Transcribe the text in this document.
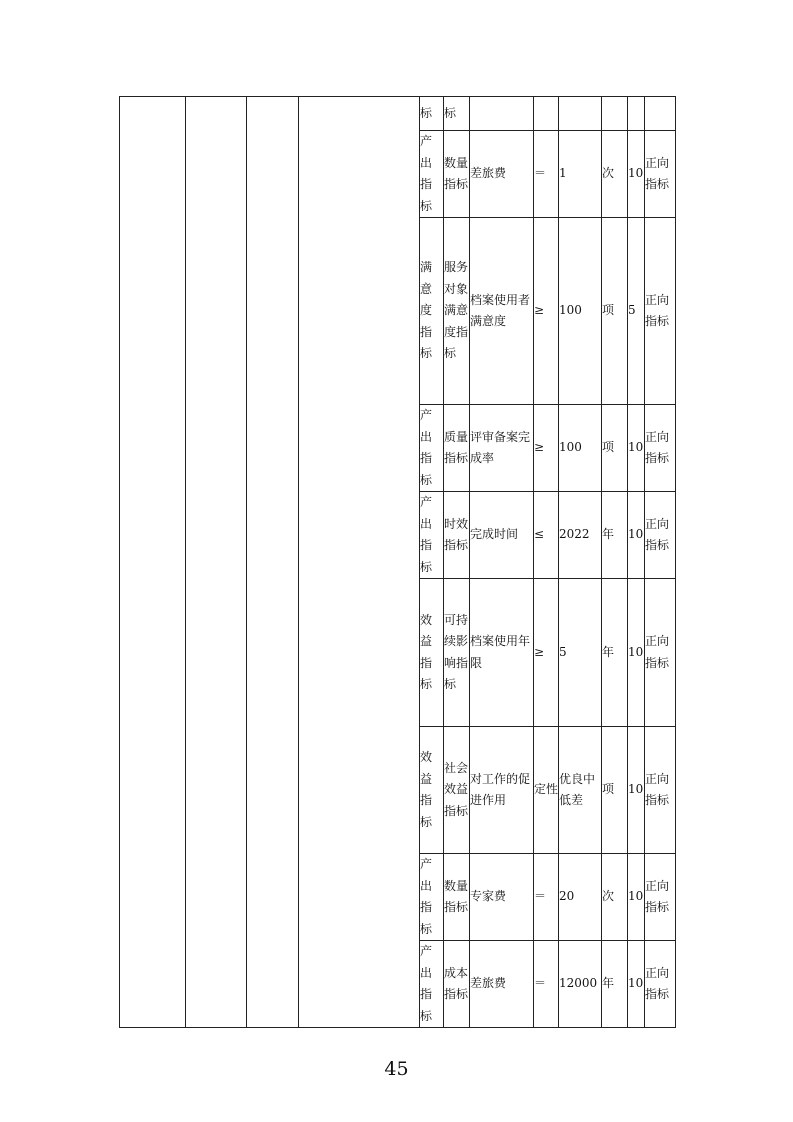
				标	标						

				产出指标	数量指标	差旅费	＝	1	次	10	正向指标

				满意度指标	服务对象满意度指标	档案使用者满意度	≥	100	项	5	正向指标

				产出指标	质量指标	评审备案完成率	≥	100	项	10	正向指标

				产出指标	时效指标	完成时间	≤	2022	年	10	正向指标

				效益指标	可持续影响指标	档案使用年限	≥	5	年	10	正向指标

				效益指标	社会效益指标	对工作的促进作用	定性	优良中低差	项	10	正向指标

				产出指标	数量指标	专家费	＝	20	次	10	正向指标

				产出指标	成本指标	差旅费	＝	12000	年	10	正向指标
45
